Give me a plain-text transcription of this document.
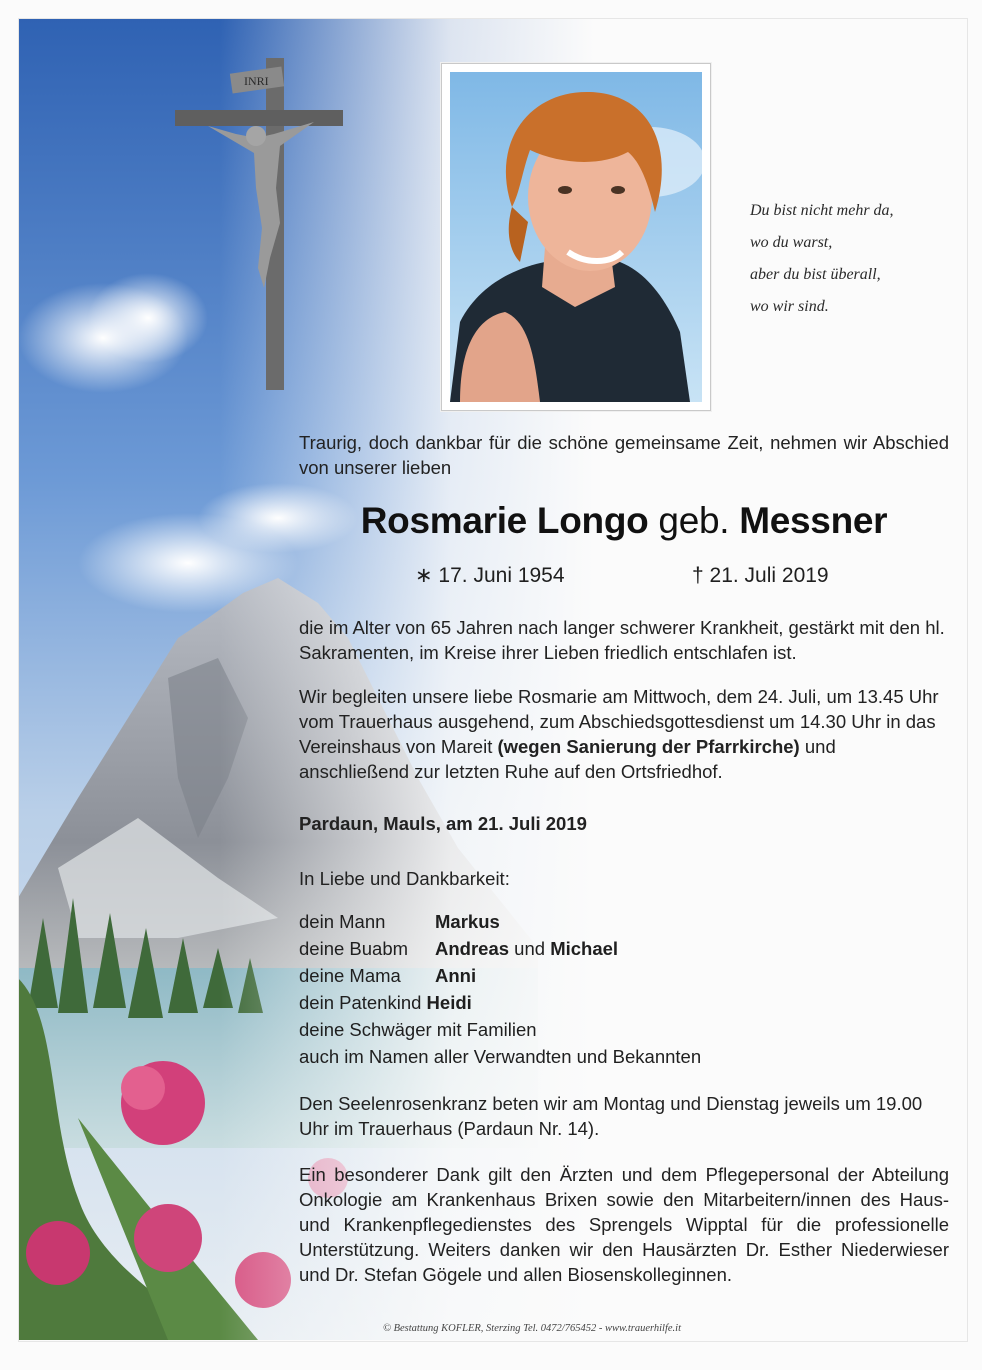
INRI
Du bist nicht mehr da,
wo du warst,
aber du bist überall,
wo wir sind.
Traurig, doch dankbar für die schöne gemeinsame Zeit, nehmen wir Abschied von unserer lieben
Rosmarie Longo geb. Messner
∗ 17. Juni 1954	† 21. Juli 2019
die im Alter von 65 Jahren nach langer schwerer Krankheit, gestärkt mit den hl. Sakramenten, im Kreise ihrer Lieben friedlich entschlafen ist.
Wir begleiten unsere liebe Rosmarie am Mittwoch, dem 24. Juli, um 13.45 Uhr vom Trauerhaus ausgehend, zum Abschiedsgottesdienst um 14.30 Uhr in das Vereinshaus von Mareit (wegen Sanierung der Pfarrkirche) und anschließend zur letzten Ruhe auf den Ortsfriedhof.
Pardaun, Mauls, am 21. Juli 2019
In Liebe und Dankbarkeit:
dein Mann	Markus
deine Buabm Andreas und Michael
deine Mama Anni
dein Patenkind Heidi
deine Schwäger mit Familien
auch im Namen aller Verwandten und Bekannten
Den Seelenrosenkranz beten wir am Montag und Dienstag jeweils um 19.00 Uhr im Trauerhaus (Pardaun Nr. 14).
Ein besonderer Dank gilt den Ärzten und dem Pflegepersonal der Abteilung Onkologie am Krankenhaus Brixen sowie den Mitarbeitern/innen des Haus- und Krankenpflegedienstes des Sprengels Wipptal für die professionelle Unterstützung. Weiters danken wir den Hausärzten Dr. Esther Niederwieser und Dr. Stefan Gögele und allen Biosenskolleginnen.
© Bestattung KOFLER, Sterzing Tel. 0472/765452 - www.trauerhilfe.it
